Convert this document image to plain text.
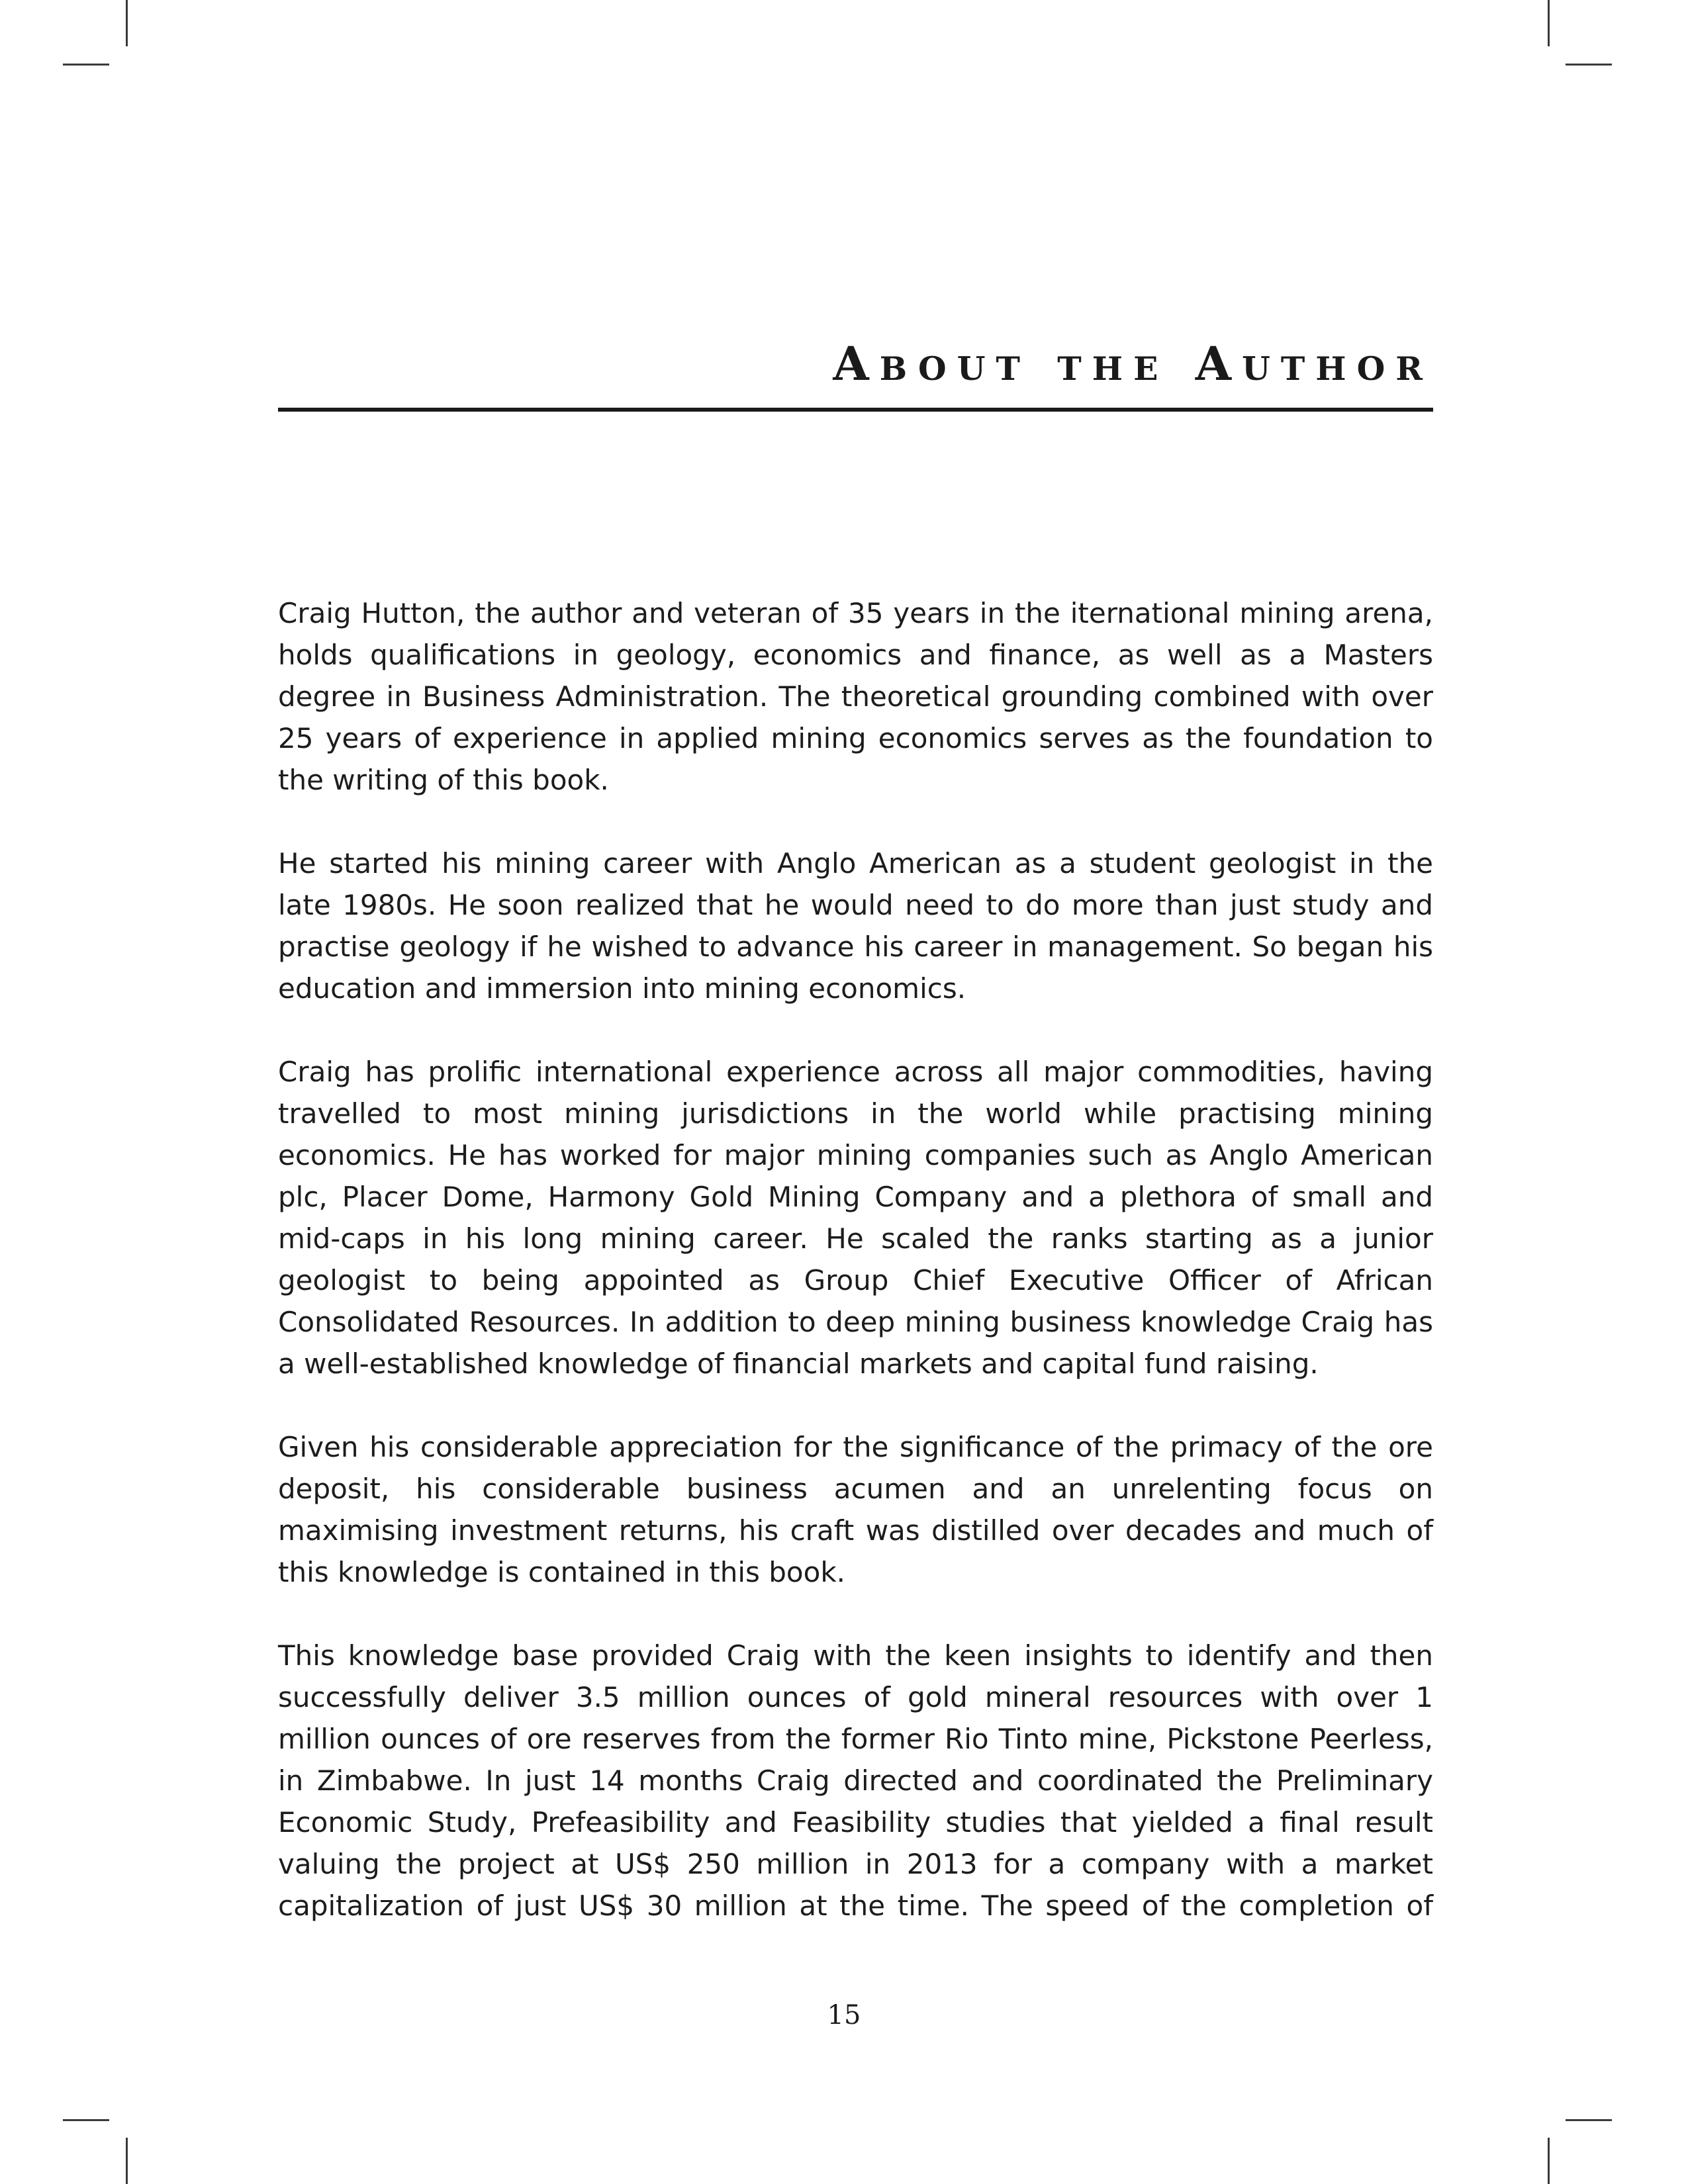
About the Author

Craig Hutton, the author and veteran of 35 years in the iternational mining arena, holds qualifications in geology, economics and finance, as well as a Masters degree in Business Administration. The theoretical grounding combined with over 25 years of experience in applied mining economics serves as the foundation to the writing of this book.

He started his mining career with Anglo American as a student geologist in the late 1980s. He soon realized that he would need to do more than just study and practise geology if he wished to advance his career in management. So began his education and immersion into mining economics.

Craig has prolific international experience across all major commodities, having travelled to most mining jurisdictions in the world while practising mining economics. He has worked for major mining companies such as Anglo American plc, Placer Dome, Harmony Gold Mining Company and a plethora of small and mid-caps in his long mining career. He scaled the ranks starting as a junior geologist to being appointed as Group Chief Executive Officer of African Consolidated Resources. In addition to deep mining business knowledge Craig has a well-established knowledge of financial markets and capital fund raising.

Given his considerable appreciation for the significance of the primacy of the ore deposit, his considerable business acumen and an unrelenting focus on maximising investment returns, his craft was distilled over decades and much of this knowledge is contained in this book.

This knowledge base provided Craig with the keen insights to identify and then successfully deliver 3.5 million ounces of gold mineral resources with over 1 million ounces of ore reserves from the former Rio Tinto mine, Pickstone Peerless, in Zimbabwe. In just 14 months Craig directed and coordinated the Preliminary Economic Study, Prefeasibility and Feasibility studies that yielded a final result valuing the project at US$ 250 million in 2013 for a company with a market capitalization of just US$ 30 million at the time. The speed of the completion of

15
